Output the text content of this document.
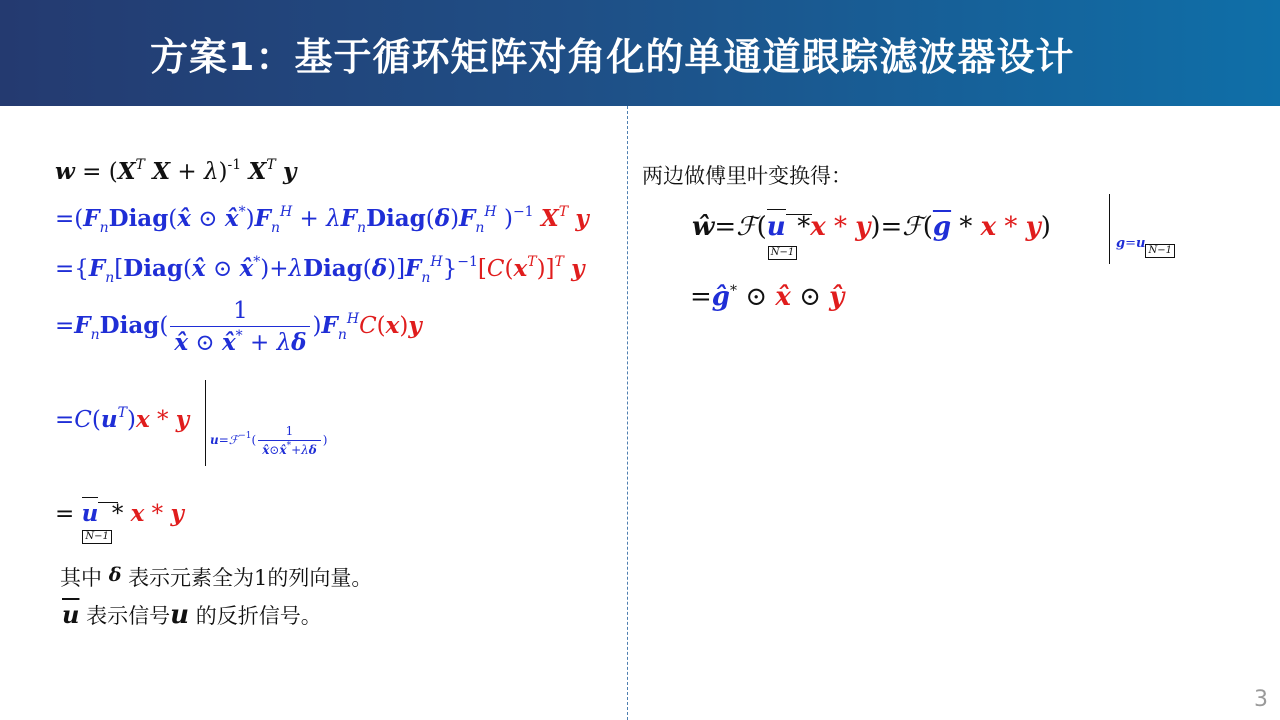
方案1：基于循环矩阵对角化的单通道跟踪滤波器设计
$w = (X^T$ X + λ)$^{-1}$ $X^T$ y
$=(F_nDiag(x̂$ ⊙ $x̂^*)F_n^H$ + $\lambda F_nDiag(\delta)F_n^H$ )$^{-1}$ $X^T$ y
$=\{F_n[Diag(x̂$ ⊙ $x̂^*)+\lambda Diag(\delta)]F_n^H\}^{-1}[C(x^T)]^T$ y
$=F_nDiag( \frac{1}{x̂ ⊙ x̂^* + \lambda\delta} )F_n^HC(x)y$
$=C(u^T)x * y$
u=ℱ$^{-1}$( $\frac{1}{x̂⊙x̂^*+\lambda\delta}$ )
= uN−1* x * y
其中 δ 表示元素全为1的列向量。
$\overline{u}$ 表示信号u 的反折信号。
两边做傅里叶变换得：
ŵ=ℱ(uN−1*x * $y)=ℱ(\overline{g} * x * y)$
g=u N−1
=ĝ* ⊙ x̂ ⊙ ŷ
3
